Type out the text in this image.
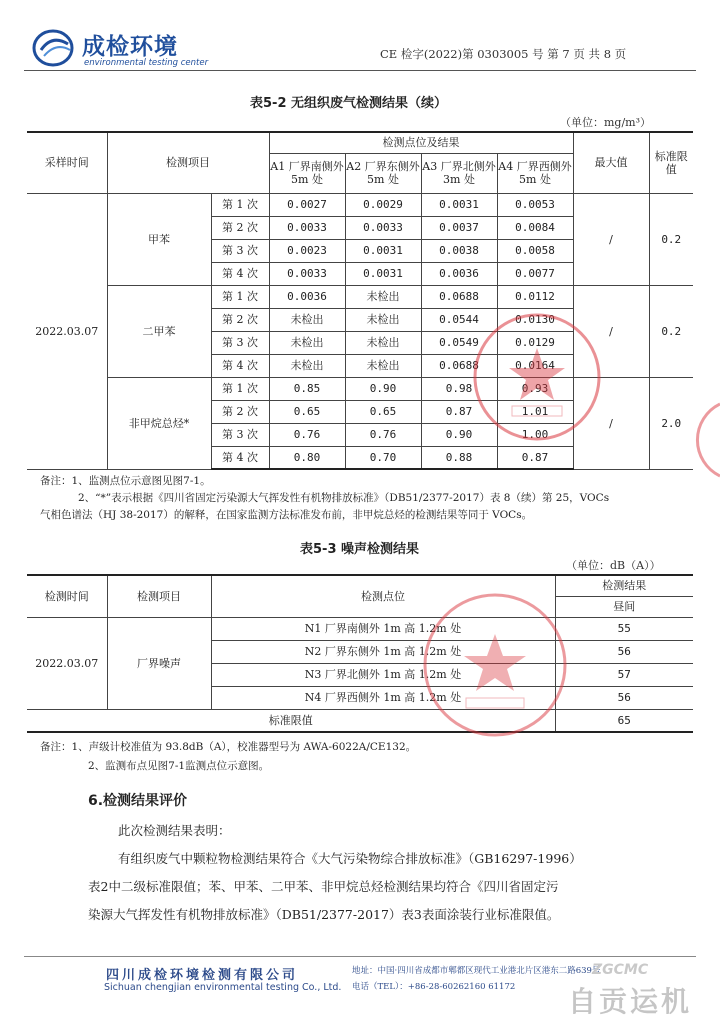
成检环境
environmental testing center
CE 检字(2022)第 0303005 号 第 7 页 共 8 页
表5-2 无组织废气检测结果（续）
（单位：mg/m³）
采样时间	检测项目		检测点位及结果				最大值	标准限值
			A1 厂界南侧外 5m 处	A2 厂界东侧外 5m 处	A3 厂界北侧外 3m 处	A4 厂界西侧外 5m 处		
2022.03.07	甲苯	第 1 次	0.0027	0.0029	0.0031	0.0053	/	0.2
		第 2 次	0.0033	0.0033	0.0037	0.0084		
		第 3 次	0.0023	0.0031	0.0038	0.0058		
		第 4 次	0.0033	0.0031	0.0036	0.0077		
	二甲苯	第 1 次	0.0036	未检出	0.0688	0.0112	/	0.2
		第 2 次	未检出	未检出	0.0544	0.0130		
		第 3 次	未检出	未检出	0.0549	0.0129		
		第 4 次	未检出	未检出	0.0688	0.0164		
	非甲烷总烃*	第 1 次	0.85	0.90	0.98	0.93	/	2.0
		第 2 次	0.65	0.65	0.87	1.01		
		第 3 次	0.76	0.76	0.90	1.00		
		第 4 次	0.80	0.70	0.88	0.87		
备注：1、监测点位示意图见图7-1。
2、“*”表示根据《四川省固定污染源大气挥发性有机物排放标准》（DB51/2377-2017）表 8（续）第 25，VOCs
气相色谱法（HJ 38-2017）的解释，在国家监测方法标准发布前，非甲烷总烃的检测结果等同于 VOCs。
表5-3 噪声检测结果
（单位：dB（A））
检测时间	检测项目	检测点位	检测结果
			昼间
2022.03.07	厂界噪声	N1 厂界南侧外 1m 高 1.2m 处	55
		N2 厂界东侧外 1m 高 1.2m 处	56
		N3 厂界北侧外 1m 高 1.2m 处	57
		N4 厂界西侧外 1m 高 1.2m 处	56
标准限值			65
备注：1、声级计校准值为 93.8dB（A），校准器型号为 AWA-6022A/CE132。
2、监测布点见图7-1监测点位示意图。
6.检测结果评价
此次检测结果表明：
有组织废气中颗粒物检测结果符合《大气污染物综合排放标准》（GB16297-1996）
表2中二级标准限值；苯、甲苯、二甲苯、非甲烷总烃检测结果均符合《四川省固定污
染源大气挥发性有机物排放标准》（DB51/2377-2017）表3表面涂装行业标准限值。
四川成检环境检测有限公司
Sichuan chengjian environmental testing Co., Ltd.
地址：中国·四川省成都市郫都区现代工业港北片区港东二路639号
电话（TEL）：+86-28-60262160 61172
ZGCMC
自贡运机
